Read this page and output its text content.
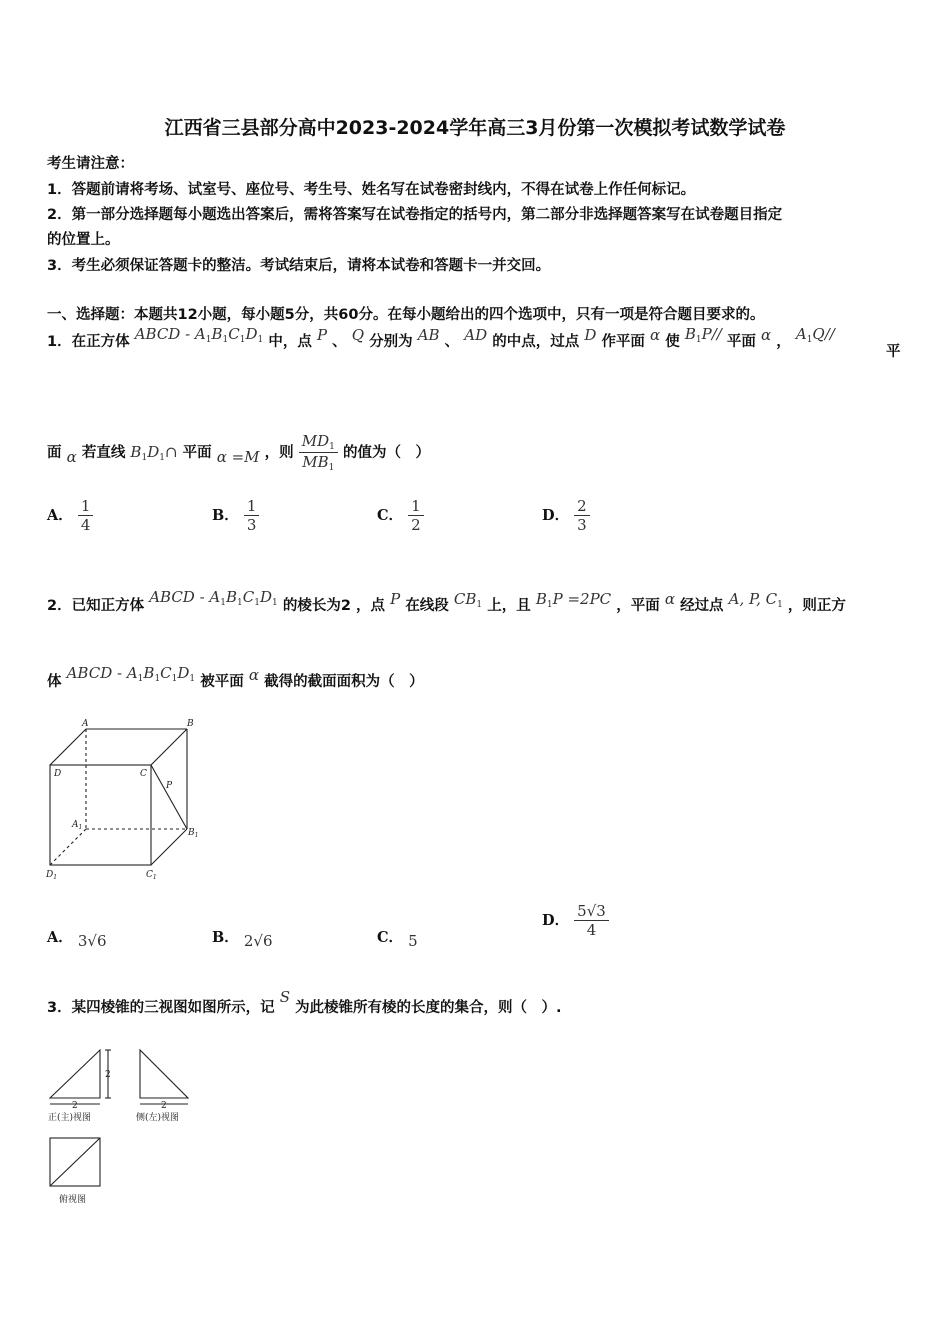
江西省三县部分高中2023-2024学年高三3月份第一次模拟考试数学试卷
考生请注意：
1．答题前请将考场、试室号、座位号、考生号、姓名写在试卷密封线内，不得在试卷上作任何标记。
2．第一部分选择题每小题选出答案后，需将答案写在试卷指定的括号内，第二部分非选择题答案写在试卷题目指定
的位置上。
3．考生必须保证答题卡的整洁。考试结束后，请将本试卷和答题卡一并交回。
一、选择题：本题共12小题，每小题5分，共60分。在每小题给出的四个选项中，只有一项是符合题目要求的。
1．在正方体 ABCD - $A_1B_1C_1D_1$ 中，点 P 、 Q 分别为 AB 、 AD 的中点，过点 D 作平面 α 使 $B_1P//$ 平面 α ， $A_1Q//$
平
面 α 若直线 $B_1D_1\cap$ 平面 α =M ，则 $\frac{MD_1}{MB_1}$ 的值为（　）
A． $\frac{1}{4}$	B． $\frac{1}{3}$	C． $\frac{1}{2}$	D． $\frac{2}{3}$
2．已知正方体 ABCD - $A_1B_1C_1D_1$ 的棱长为2 ，点 P 在线段 $CB_1$ 上，且 $B_1P =2PC$ ，平面 α 经过点 A, P, $C_1$ ，则正方
体 ABCD - $A_1B_1C_1D_1$ 被平面 α 截得的截面面积为（　）
A	B
D	C
P
$A_1$
$B_1$
$D_1$	$C_1$
A． 3√6	B． 2√6	C． 5
D． $\frac{5√3}{4}$
3．某四棱锥的三视图如图所示，记 S 为此棱锥所有棱的长度的集合，则（　）.
2
2	2
正(主)视图	侧(左)视图
俯视图
